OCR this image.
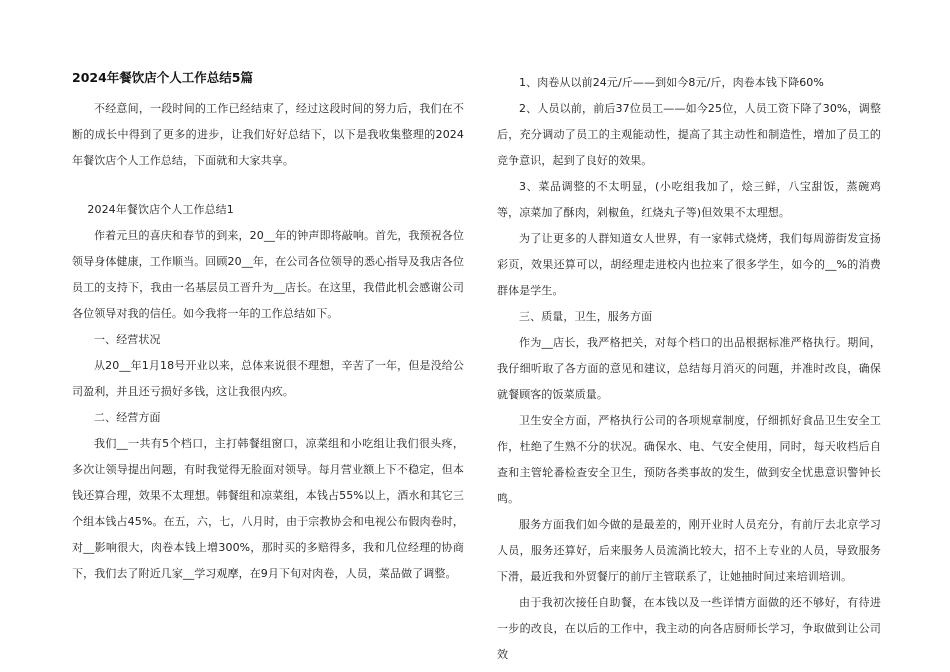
2024年餐饮店个人工作总结5篇

不经意间，一段时间的工作已经结束了，经过这段时间的努力后，我们在不断的成长中得到了更多的进步，让我们好好总结下，以下是我收集整理的2024年餐饮店个人工作总结，下面就和大家共享。

2024年餐饮店个人工作总结1

作着元旦的喜庆和春节的到来，20__年的钟声即将敲响。首先，我预祝各位领导身体健康，工作顺当。回顾20__年，在公司各位领导的悉心指导及我店各位员工的支持下，我由一名基层员工晋升为__店长。在这里，我借此机会感谢公司各位领导对我的信任。如今我将一年的工作总结如下。

一、经营状况

从20__年1月18号开业以来，总体来说很不理想，辛苦了一年，但是没给公司盈利，并且还亏损好多钱，这让我很内疚。

二、经营方面

我们__一共有5个档口，主打韩餐组窗口，凉菜组和小吃组让我们很头疼，多次让领导提出问题，有时我觉得无脸面对领导。每月营业额上下不稳定，但本钱还算合理，效果不太理想。韩餐组和凉菜组，本钱占55%以上，酒水和其它三个组本钱占45%。在五，六，七，八月时，由于宗教协会和电视公布假肉卷时，对__影响很大，肉卷本钱上增300%，那时买的多赔得多，我和几位经理的协商下，我们去了附近几家__学习观摩，在9月下旬对肉卷，人员，菜品做了调整。

1、肉卷从以前24元/斤——到如今8元/斤，肉卷本钱下降60%

2、人员以前，前后37位员工——如今25位，人员工资下降了30%，调整后，充分调动了员工的主观能动性，提高了其主动性和制造性，增加了员工的竞争意识，起到了良好的效果。

3、菜品调整的不太明显，(小吃组我加了，烩三鲜，八宝甜饭，蒸碗鸡等，凉菜加了酥肉，剁椒鱼，红烧丸子等)但效果不太理想。

为了让更多的人群知道女人世界，有一家韩式烧烤，我们每周游街发宣扬彩页，效果还算可以，胡经理走进校内也拉来了很多学生，如今的__%的消费群体是学生。

三、质量，卫生，服务方面

作为__店长，我严格把关，对每个档口的出品根据标准严格执行。期间，我仔细听取了各方面的意见和建议，总结每月消灭的问题，并准时改良，确保就餐顾客的饭菜质量。

卫生安全方面，严格执行公司的各项规章制度，仔细抓好食品卫生安全工作，杜绝了生熟不分的状况。确保水、电、气安全使用，同时，每天收档后自查和主管轮番检查安全卫生，预防各类事故的发生，做到安全忧患意识警钟长鸣。

服务方面我们如今做的是最差的，刚开业时人员充分，有前厅去北京学习人员，服务还算好，后来服务人员流淌比较大，招不上专业的人员，导致服务下滑，最近我和外贸餐厅的前厅主管联系了，让她抽时间过来培训培训。

由于我初次接任自助餐，在本钱以及一些详情方面做的还不够好，有待进一步的改良，在以后的工作中，我主动的向各店厨师长学习，争取做到让公司效
